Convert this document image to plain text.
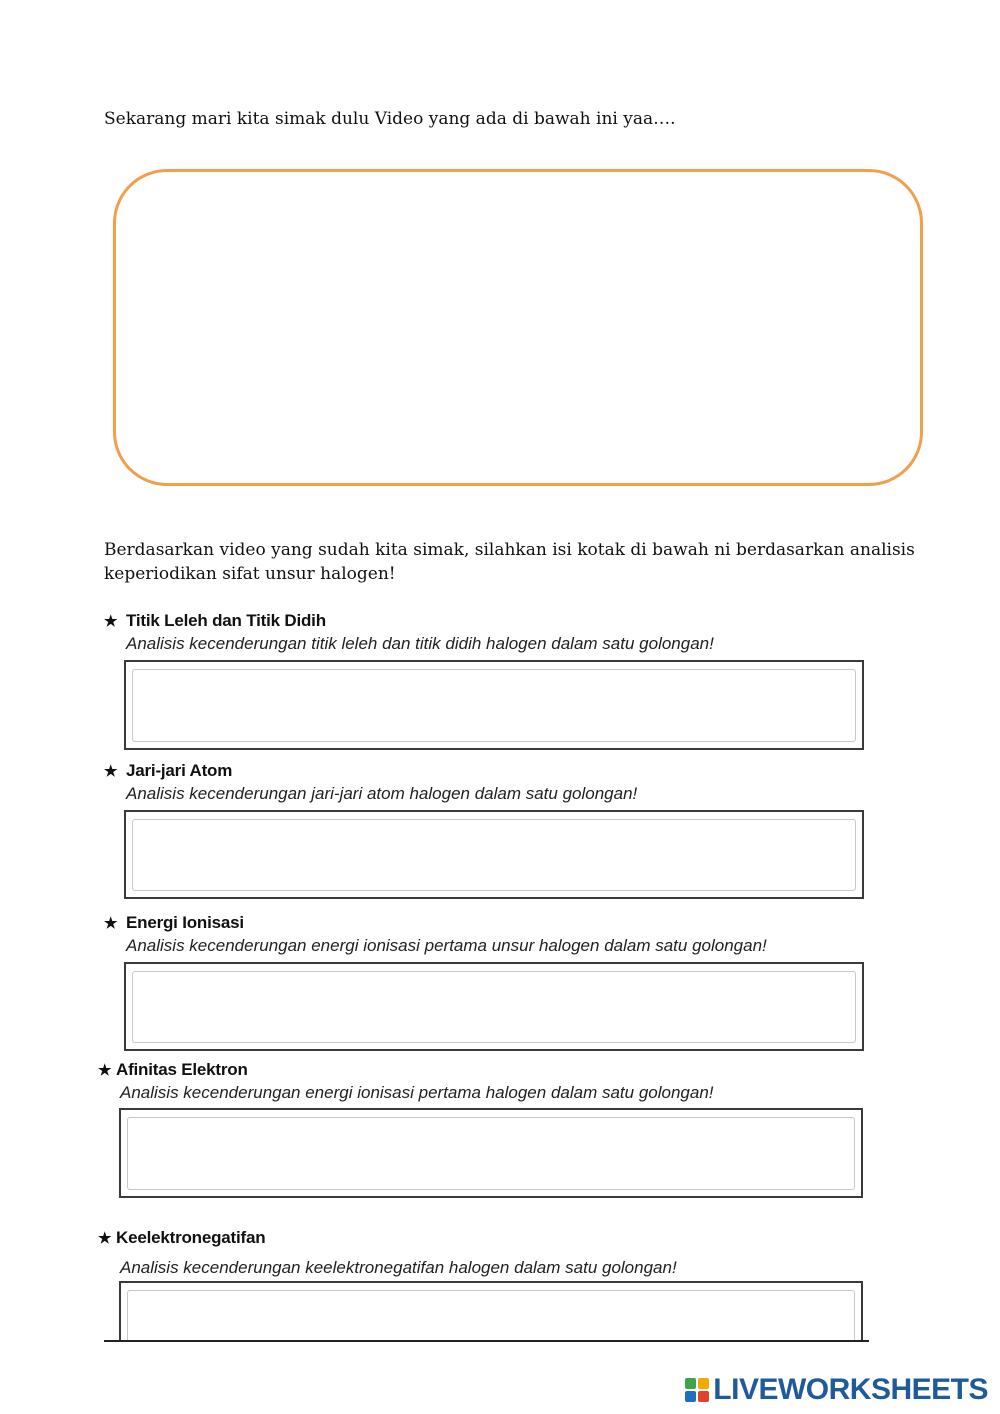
Sekarang mari kita simak dulu Video yang ada di bawah ini yaa….
Berdasarkan video yang sudah kita simak, silahkan isi kotak di bawah ni berdasarkan analisis keperiodikan sifat unsur halogen!
★ Titik Leleh dan Titik Didih
Analisis kecenderungan titik leleh dan titik didih halogen dalam satu golongan!
★ Jari-jari Atom
Analisis kecenderungan jari-jari atom halogen dalam satu golongan!
★ Energi Ionisasi
Analisis kecenderungan energi ionisasi pertama unsur halogen dalam satu golongan!
★ Afinitas Elektron
Analisis kecenderungan energi ionisasi pertama halogen dalam satu golongan!
★ Keelektronegatifan
Analisis kecenderungan keelektronegatifan halogen dalam satu golongan!
LIVEWORKSHEETS
